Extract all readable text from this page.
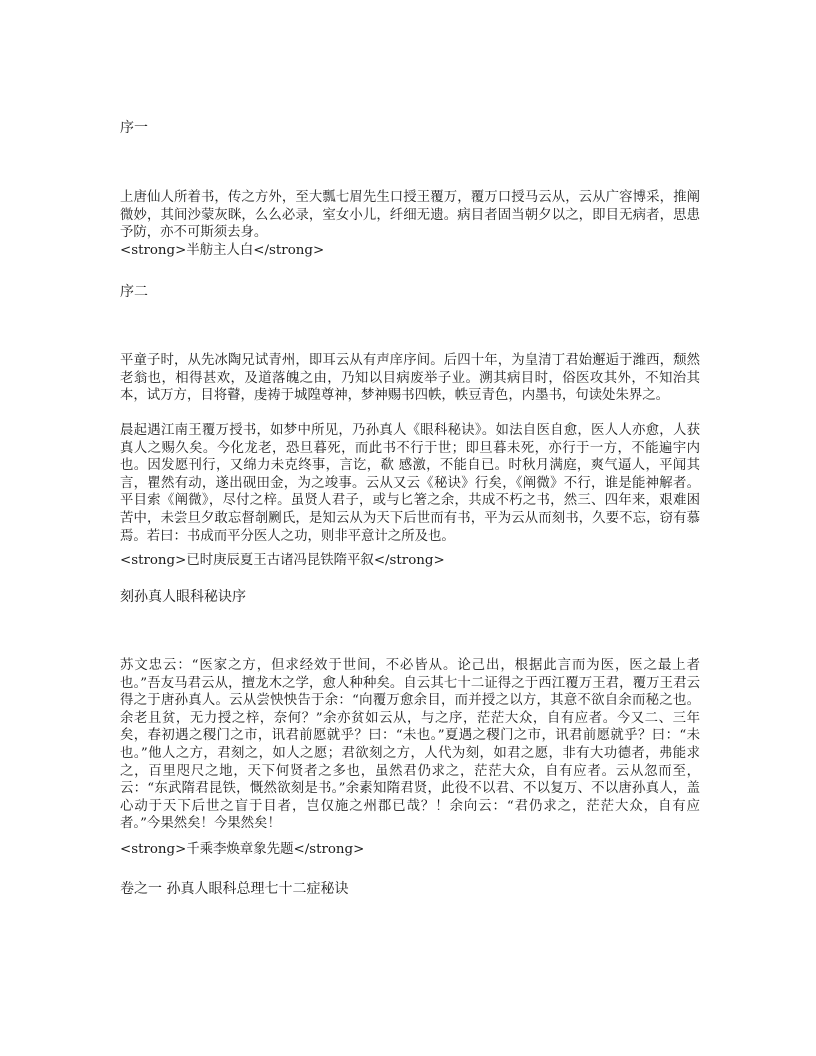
序一

上唐仙人所着书，传之方外，至大瓢七眉先生口授王覆万，覆万口授马云从，云从广容博采，推阐微妙，其间沙蒙灰眯，么么必录，室女小儿，纤细无遗。病目者固当朝夕以之，即目无病者，思患予防，亦不可斯须去身。

<strong>半舫主人白</strong>
序二

平童子时，从先冰陶兄试青州，即耳云从有声庠序间。后四十年，为皇清丁君始邂逅于潍西，颓然老翁也，相得甚欢，及道落魄之由，乃知以目病废举子业。溯其病目时，俗医攻其外，不知治其本，试万方，目将瞽，虔祷于城隍尊神，梦神赐书四帙，帙豆青色，内墨书，句读处朱界之。

晨起遇江南王覆万授书，如梦中所见，乃孙真人《眼科秘诀》。如法自医自愈，医人人亦愈，人获真人之赐久矣。今化龙老，恐旦暮死，而此书不行于世；即旦暮未死，亦行于一方，不能遍宇内也。因发愿刊行，又绵力未克终事，言讫，欷 感激，不能自已。时秋月满庭，爽气逼人，平闻其言，瞿然有动，遂出砚田金，为之竣事。云从又云《秘诀》行矣，《阐微》不行，谁是能神解者。平目索《阐微》，尽付之梓。虽贤人君子，或与匕箸之余，共成不朽之书，然三、四年来，艰难困苦中，未尝旦夕敢忘督剞劂氏，是知云从为天下后世而有书，平为云从而刻书，久要不忘，窃有慕焉。若曰：书成而平分医人之功，则非平意计之所及也。

<strong>已时庚辰夏王古诸冯昆铁隋平叙</strong>
刻孙真人眼科秘诀序

苏文忠云：“医家之方，但求经效于世间，不必皆从。论己出，根据此言而为医，医之最上者也。”吾友马君云从，擅龙木之学，愈人种种矣。自云其七十二证得之于西江覆万王君，覆万王君云得之于唐孙真人。云从尝怏怏告于余：“向覆万愈余目，而并授之以方，其意不欲自余而秘之也。余老且贫，无力授之梓，奈何？”余亦贫如云从，与之序，茫茫大众，自有应者。今又二、三年矣，春初遇之稷门之市，讯君前愿就乎？曰：“未也。”夏遇之稷门之市，讯君前愿就乎？曰：“未也。”他人之方，君刻之，如人之愿；君欲刻之方，人代为刻，如君之愿，非有大功德者，弗能求之，百里咫尺之地，天下何贤者之多也，虽然君仍求之，茫茫大众，自有应者。云从忽而至，云：“东武隋君昆铁，慨然欲刻是书。”余素知隋君贤，此役不以君、不以复万、不以唐孙真人，盖心动于天下后世之盲于目者，岂仅施之州郡已哉？！余向云：“君仍求之，茫茫大众，自有应者。”今果然矣！今果然矣！

<strong>千乘李焕章象先题</strong>
卷之一 孙真人眼科总理七十二症秘诀
